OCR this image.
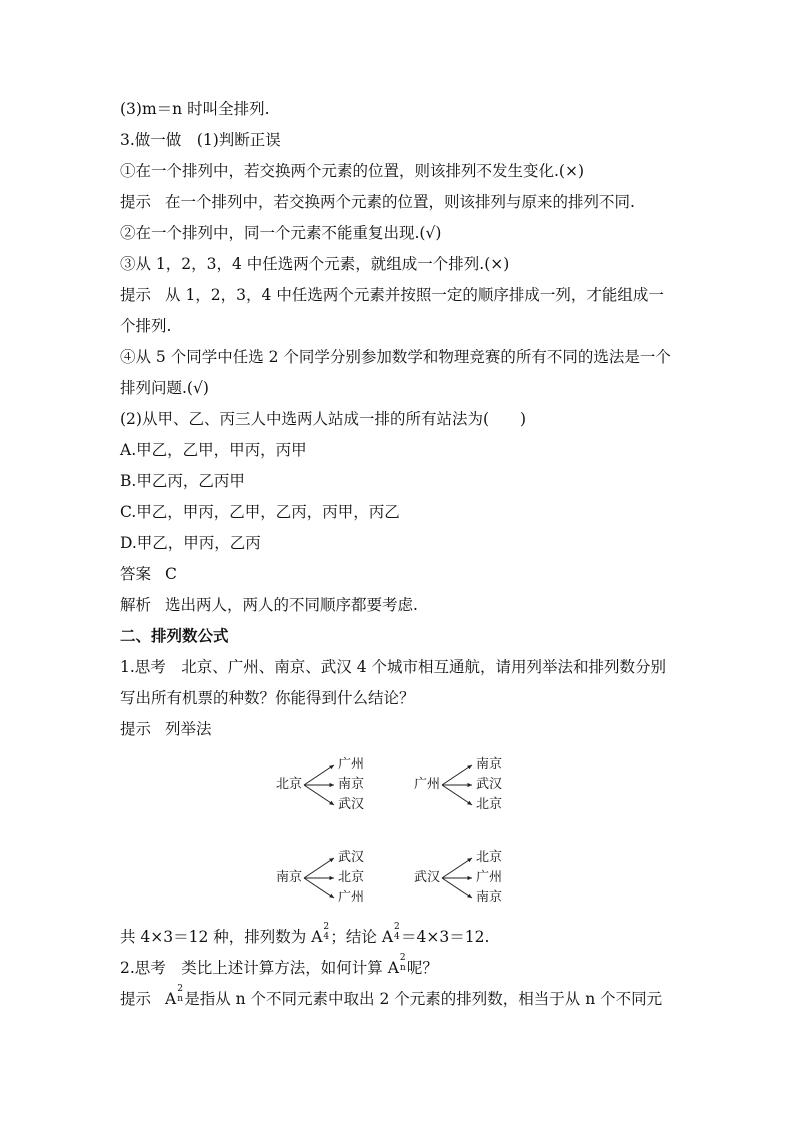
(3)m＝n 时叫全排列.
3.做一做　(1)判断正误
①在一个排列中，若交换两个元素的位置，则该排列不发生变化.(×)
提示 在一个排列中，若交换两个元素的位置，则该排列与原来的排列不同.
②在一个排列中，同一个元素不能重复出现.(√)
③从 1，2，3，4 中任选两个元素，就组成一个排列.(×)
提示 从 1，2，3，4 中任选两个元素并按照一定的顺序排成一列，才能组成一
个排列.
④从 5 个同学中任选 2 个同学分别参加数学和物理竞赛的所有不同的选法是一个
排列问题.(√)
(2)从甲、乙、丙三人中选两人站成一排的所有站法为(　　)
A.甲乙，乙甲，甲丙，丙甲
B.甲乙丙，乙丙甲
C.甲乙，甲丙，乙甲，乙丙，丙甲，丙乙
D.甲乙，甲丙，乙丙
答案 C
解析 选出两人，两人的不同顺序都要考虑.
二、排列数公式
1.思考　北京、广州、南京、武汉 4 个城市相互通航，请用列举法和排列数分别
写出所有机票的种数？你能得到什么结论？
提示 列举法
北京
广州
南京
武汉
广州
南京
武汉
北京
南京
武汉
北京
广州
武汉
北京
广州
南京
共 4×3＝12 种，排列数为 A
2
4 ；结论 A
2
4 ＝4×3＝12.
2.思考　类比上述计算方法，如何计算 A
2
n 呢？
提示 A
2
n 是指从 n 个不同元素中取出 2 个元素的排列数，相当于从 n 个不同元
